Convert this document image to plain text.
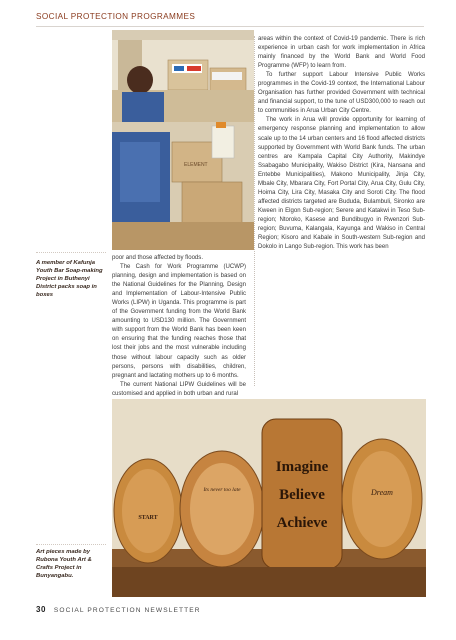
SOCIAL PROTECTION PROGRAMMES
ELEMENT
A member of Kafunja Youth Bar Soap-making Project in Buthenyi District packs soap in boxes

poor and those affected by floods.

The Cash for Work Programme (UCWP) planning, design and implementation is based on the National Guidelines for the Planning, Design and Implementation of Labour-Intensive Public Works (LIPW) in Uganda. This programme is part of the Government funding from the World Bank amounting to USD130 million. The Government with support from the World Bank has been keen on ensuring that the funding reaches those that lost their jobs and the most vulnerable including those without labour capacity such as older persons, persons with disabilities, children, pregnant and lactating mothers up to 6 months.

The current National LIPW Guidelines will be customised and applied in both urban and rural

areas within the context of Covid-19 pandemic. There is rich experience in urban cash for work implementation in Africa mainly financed by the World Bank and World Food Programme (WFP) to learn from.

To further support Labour Intensive Public Works programmes in the Covid-19 context, the International Labour Organisation has further provided Government with technical and financial support, to the tune of USD300,000 to reach out to communities in Arua Urban City Centre.

The work in Arua will provide opportunity for learning of emergency response planning and implementation to allow scale up to the 14 urban centers and 16 flood affected districts supported by Government with World Bank funds. The urban centres are Kampala Capital City Authority, Makindye Ssabagabo Municipality, Wakiso District (Kira, Nansana and Entebbe Municipalities), Makono Municipality, Jinja City, Mbale City, Mbarara City, Fort Portal City, Arua City, Gulu City, Hoima City, Lira City, Masaka City and Soroti City. The flood affected districts targeted are Bududa, Bulambuli, Sironko are Kween in Elgon Sub-region; Serere and Katakwi in Teso Sub-region; Ntoroko, Kasese and Bundibugyo in Rwenzori Sub-region; Buvuma, Kalangala, Kayunga and Wakiso in Central Region; Kisoro and Kabale in South-western Sub-region and Dokolo in Lango Sub-region. This work has been

START
Its never too late
Imagine
Believe
Achieve
Dream
Art pieces made by Rubona Youth Art & Crafts Project in Bunyangabu.
30 SOCIAL PROTECTION NEWSLETTER
